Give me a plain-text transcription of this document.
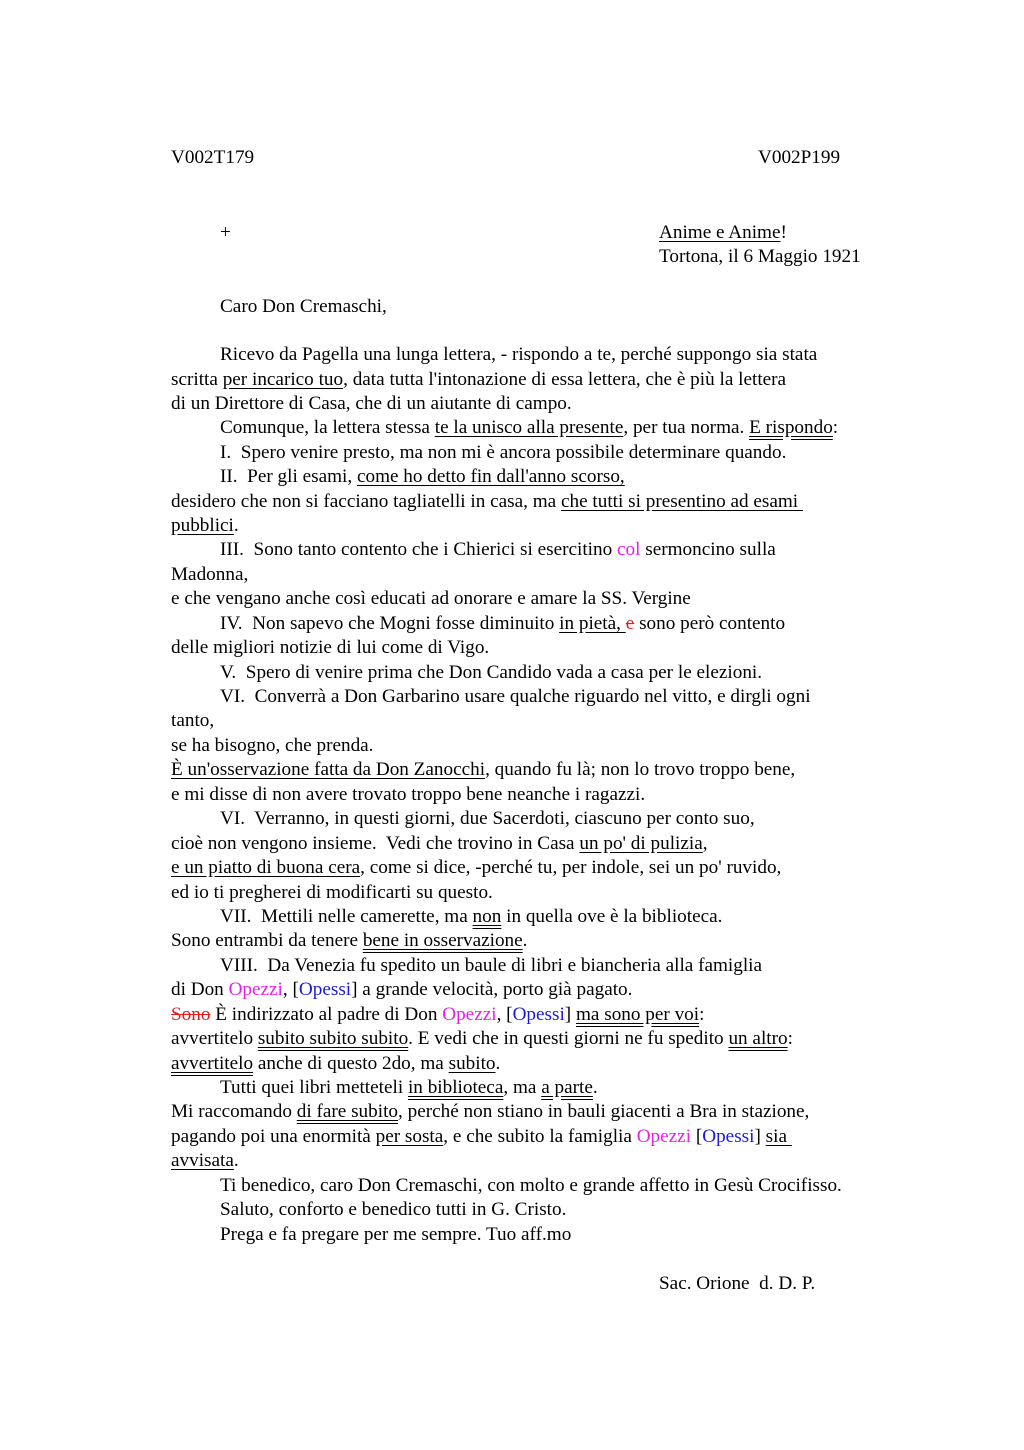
V002T179	V002P199
+	Anime e Anime!
Tortona, il 6 Maggio 1921
Caro Don Cremaschi,
Ricevo da Pagella una lunga lettera, - rispondo a te, perché suppongo sia stata
scritta per incarico tuo, data tutta l'intonazione di essa lettera, che è più la lettera
di un Direttore di Casa, che di un aiutante di campo.
Comunque, la lettera stessa te la unisco alla presente, per tua norma. E rispondo:
I.  Spero venire presto, ma non mi è ancora possibile determinare quando.
II.  Per gli esami, come ho detto fin dall'anno scorso,
desidero che non si facciano tagliatelli in casa, ma che tutti si presentino ad esami
pubblici.
III.  Sono tanto contento che i Chierici si esercitino col sermoncino sulla
Madonna,
e che vengano anche così educati ad onorare e amare la SS. Vergine
IV.  Non sapevo che Mogni fosse diminuito in pietà, e sono però contento
delle migliori notizie di lui come di Vigo.
V.  Spero di venire prima che Don Candido vada a casa per le elezioni.
VI.  Converrà a Don Garbarino usare qualche riguardo nel vitto, e dirgli ogni
tanto,
se ha bisogno, che prenda.
È un'osservazione fatta da Don Zanocchi, quando fu là; non lo trovo troppo bene,
e mi disse di non avere trovato troppo bene neanche i ragazzi.
VI.  Verranno, in questi giorni, due Sacerdoti, ciascuno per conto suo,
cioè non vengono insieme.  Vedi che trovino in Casa un po' di pulizia,
e un piatto di buona cera, come si dice, -perché tu, per indole, sei un po' ruvido,
ed io ti pregherei di modificarti su questo.
VII.  Mettili nelle camerette, ma non in quella ove è la biblioteca.
Sono entrambi da tenere bene in osservazione.
VIII.  Da Venezia fu spedito un baule di libri e biancheria alla famiglia
di Don Opezzi, [Opessi] a grande velocità, porto già pagato.
Sono È indirizzato al padre di Don Opezzi, [Opessi] ma sono per voi:
avvertitelo subito subito subito. E vedi che in questi giorni ne fu spedito un altro:
avvertitelo anche di questo 2do, ma subito.
Tutti quei libri metteteli in biblioteca, ma a parte.
Mi raccomando di fare subito, perché non stiano in bauli giacenti a Bra in stazione,
pagando poi una enormità per sosta, e che subito la famiglia Opezzi [Opessi] sia
avvisata.
Ti benedico, caro Don Cremaschi, con molto e grande affetto in Gesù Crocifisso.
Saluto, conforto e benedico tutti in G. Cristo.
Prega e fa pregare per me sempre. Tuo aff.mo
Sac. Orione  d. D. P.
